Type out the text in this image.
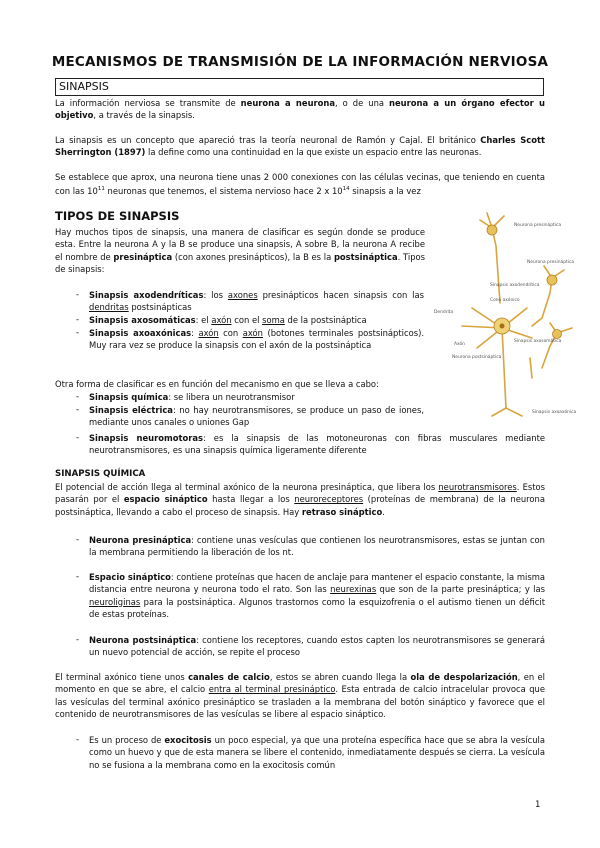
MECANISMOS DE TRANSMISIÓN DE LA INFORMACIÓN NERVIOSA
SINAPSIS
La información nerviosa se transmite de neurona a neurona, o de una neurona a un órgano efector u objetivo, a través de la sinapsis.
La sinapsis es un concepto que apareció tras la teoría neuronal de Ramón y Cajal. El británico Charles Scott Sherrington (1897) la define como una continuidad en la que existe un espacio entre las neuronas.
Se establece que aprox, una neurona tiene unas 2 000 conexiones con las células vecinas, que teniendo en cuenta con las $10^{11}$ neuronas que tenemos, el sistema nervioso hace 2 x $10^{14}$ sinapsis a la vez
TIPOS DE SINAPSIS
Hay muchos tipos de sinapsis, una manera de clasificar es según donde se produce esta. Entre la neurona A y la B se produce una sinapsis, A sobre B, la neurona A recibe el nombre de presináptica (con axones presinápticos), la B es la postsináptica. Tipos de sinapsis:
- Sinapsis axodendríticas: los axones presinápticos hacen sinapsis con las dendritas postsinápticas
- Sinapsis axosomáticas: el axón con el soma de la postsináptica
- Sinapsis axoaxónicas: axón con axón (botones terminales postsinápticos). Muy rara vez se produce la sinapsis con el axón de la postsináptica
Otra forma de clasificar es en función del mecanismo en que se lleva a cabo:
- Sinapsis química: se libera un neurotransmisor
- Sinapsis eléctrica: no hay neurotransmisores, se produce un paso de iones, mediante unos canales o uniones Gap
- Sinapsis neuromotoras: es la sinapsis de las motoneuronas con fibras musculares mediante neurotransmisores, es una sinapsis química ligeramente diferente
SINAPSIS QUÍMICA
El potencial de acción llega al terminal axónico de la neurona presináptica, que libera los neurotransmisores. Estos pasarán por el espacio sináptico hasta llegar a los neuroreceptores (proteínas de membrana) de la neurona postsináptica, llevando a cabo el proceso de sinapsis. Hay retraso sináptico.
- Neurona presináptica: contiene unas vesículas que contienen los neurotransmisores, estas se juntan con la membrana permitiendo la liberación de los nt.
- Espacio sináptico: contiene proteínas que hacen de anclaje para mantener el espacio constante, la misma distancia entre neurona y neurona todo el rato. Son las neurexinas que son de la parte presináptica; y las neuroliginas para la postsináptica. Algunos trastornos como la esquizofrenia o el autismo tienen un déficit de estas proteínas.
- Neurona postsináptica: contiene los receptores, cuando estos capten los neurotransmisores se generará un nuevo potencial de acción, se repite el proceso
El terminal axónico tiene unos canales de calcio, estos se abren cuando llega la ola de despolarización, en el momento en que se abre, el calcio entra al terminal presináptico. Esta entrada de calcio intracelular provoca que las vesículas del terminal axónico presináptico se trasladen a la membrana del botón sináptico y favorece que el contenido de neurotransmisores de las vesículas se libere al espacio sináptico.
- Es un proceso de exocitosis un poco especial, ya que una proteína específica hace que se abra la vesícula como un huevo y que de esta manera se libere el contenido, inmediatamente después se cierra. La vesícula no se fusiona a la membrana como en la exocitosis común
Neurona presináptica
Neurona presináptica
Sinapsis axodendrítica
Dendrita
Cono axónico
Axón
Sinapsis axosomática
Neurona postsináptica
Sinapsis axoaxónica
1
